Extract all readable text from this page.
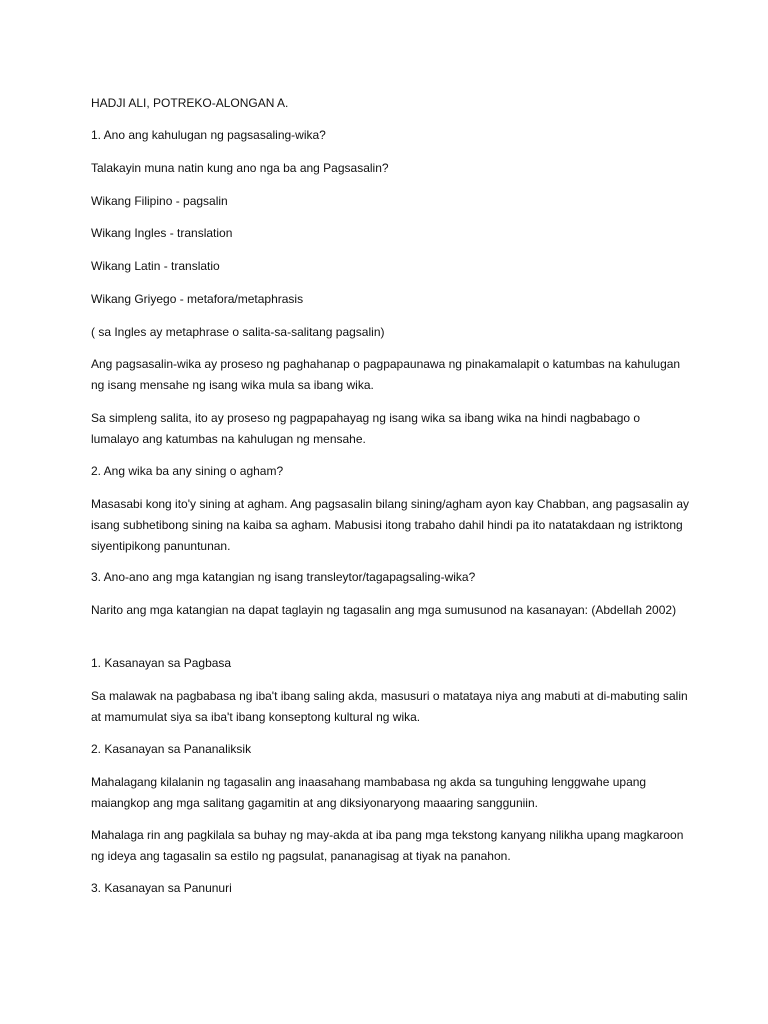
HADJI ALI, POTREKO-ALONGAN A.

1. Ano ang kahulugan ng pagsasaling-wika?

Talakayin muna natin kung ano nga ba ang Pagsasalin?

Wikang Filipino - pagsalin

Wikang Ingles - translation

Wikang Latin - translatio

Wikang Griyego - metafora/metaphrasis

( sa Ingles ay metaphrase o salita-sa-salitang pagsalin)

Ang pagsasalin-wika ay proseso ng paghahanap o pagpapaunawa ng pinakamalapit o katumbas na kahulugan ng isang mensahe ng isang wika mula sa ibang wika.

Sa simpleng salita, ito ay proseso ng pagpapahayag ng isang wika sa ibang wika na hindi nagbabago o lumalayo ang katumbas na kahulugan ng mensahe.

2. Ang wika ba any sining o agham?

Masasabi kong ito'y sining at agham. Ang pagsasalin bilang sining/agham ayon kay Chabban, ang pagsasalin ay isang subhetibong sining na kaiba sa agham. Mabusisi itong trabaho dahil hindi pa ito natatakdaan ng istriktong siyentipikong panuntunan.

3. Ano-ano ang mga katangian ng isang transleytor/tagapagsaling-wika?

Narito ang mga katangian na dapat taglayin ng tagasalin ang mga sumusunod na kasanayan: (Abdellah 2002)

1. Kasanayan sa Pagbasa

Sa malawak na pagbabasa ng iba't ibang saling akda, masusuri o matataya niya ang mabuti at di-mabuting salin at mamumulat siya sa iba't ibang konseptong kultural ng wika.

2. Kasanayan sa Pananaliksik

Mahalagang kilalanin ng tagasalin ang inaasahang mambabasa ng akda sa tunguhing lenggwahe upang maiangkop ang mga salitang gagamitin at ang diksiyonaryong maaaring sangguniin.

Mahalaga rin ang pagkilala sa buhay ng may-akda at iba pang mga tekstong kanyang nilikha upang magkaroon ng ideya ang tagasalin sa estilo ng pagsulat, pananagisag at tiyak na panahon.

3. Kasanayan sa Panunuri
